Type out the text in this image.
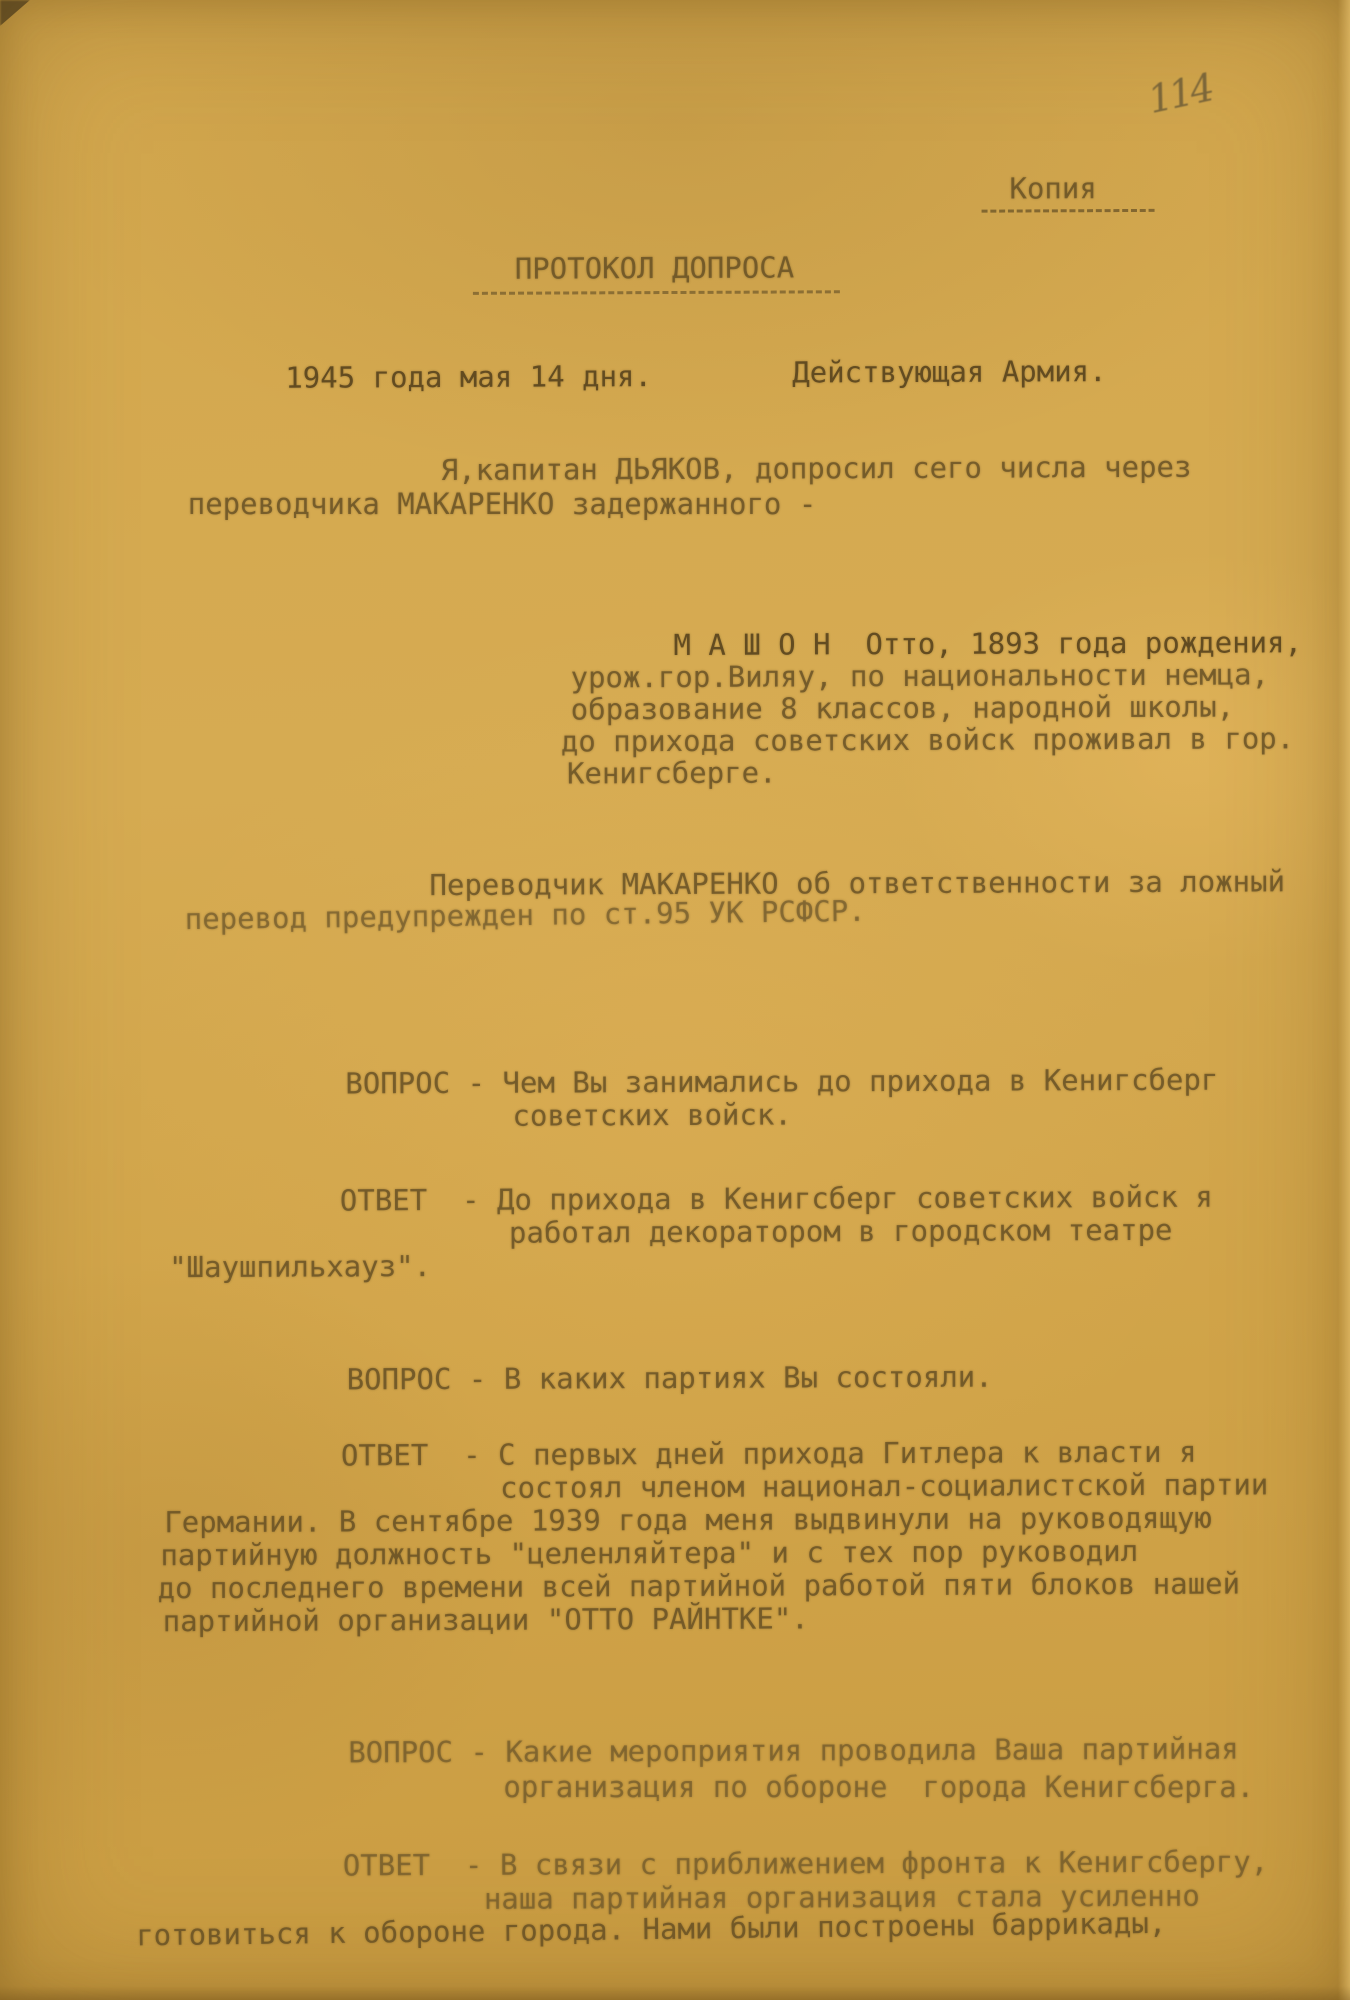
114
Копия
ПРОТОКОЛ ДОПРОСА
1945 года мая 14 дня.	Действующая Армия.
Я,капитан ДЬЯКОВ, допросил сего числа через
переводчика МАКАРЕНКО задержанного -
М А Ш О Н  Отто, 1893 года рождения,
урож.гор.Виляу, по национальности немца,
образование 8 классов, народной школы,
до прихода советских войск проживал в гор.
Кенигсберге.
Переводчик МАКАРЕНКО об ответственности за ложный
перевод предупрежден по ст.95 УК РСФСР.
ВОПРОС - Чем Вы занимались до прихода в Кенигсберг
советских войск.
ОТВЕТ  - До прихода в Кенигсберг советских войск я
работал декоратором в городском театре
"Шаушпильхауз".
ВОПРОС - В каких партиях Вы состояли.
ОТВЕТ  - С первых дней прихода Гитлера к власти я
состоял членом национал-социалистской партии
Германии. В сентябре 1939 года меня выдвинули на руководящую
партийную должность "целенляйтера" и с тех пор руководил
до последнего времени всей партийной работой пяти блоков нашей
партийной организации "ОТТО РАЙНТКЕ".
ВОПРОС - Какие мероприятия проводила Ваша партийная
организация по обороне  города Кенигсберга.
ОТВЕТ  - В связи с приближением фронта к Кенигсбергу,
наша партийная организация стала усиленно
готовиться к обороне города. Нами были построены баррикады,
